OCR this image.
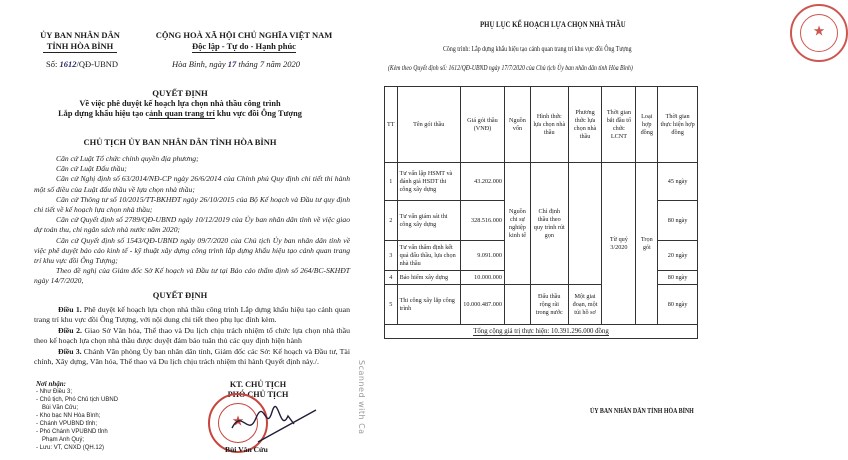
ỦY BAN NHÂN DÂN
TỈNH HÒA BÌNH
CỘNG HOÀ XÃ HỘI CHỦ NGHĨA VIỆT NAM
Độc lập - Tự do - Hạnh phúc
Số: 1612/QĐ-UBND	Hòa Bình, ngày 17 tháng 7 năm 2020
QUYẾT ĐỊNH
Về việc phê duyệt kế hoạch lựa chọn nhà thầu công trình
Lắp dựng khẩu hiệu tạo cảnh quan trang trí khu vực đồi Ông Tượng
CHỦ TỊCH ỦY BAN NHÂN DÂN TỈNH HÒA BÌNH

Căn cứ Luật Tổ chức chính quyền địa phương;

Căn cứ Luật Đấu thầu;

Căn cứ Nghị định số 63/2014/NĐ-CP ngày 26/6/2014 của Chính phủ Quy định chi tiết thi hành một số điều của Luật đấu thầu về lựa chọn nhà thầu;

Căn cứ Thông tư số 10/2015/TT-BKHĐT ngày 26/10/2015 của Bộ Kế hoạch và Đầu tư quy định chi tiết về kế hoạch lựa chọn nhà thầu;

Căn cứ Quyết định số 2789/QĐ-UBND ngày 10/12/2019 của Ủy ban nhân dân tỉnh về việc giao dự toán thu, chi ngân sách nhà nước năm 2020;

Căn cứ Quyết định số 1543/QĐ-UBND ngày 09/7/2020 của Chủ tịch Ủy ban nhân dân tỉnh về việc phê duyệt báo cáo kinh tế - kỹ thuật xây dựng công trình lắp dựng khẩu hiệu tạo cảnh quan trang trí khu vực đồi Ông Tượng;

Theo đề nghị của Giám đốc Sở Kế hoạch và Đầu tư tại Báo cáo thẩm định số 264/BC-SKHĐT ngày 14/7/2020,

QUYẾT ĐỊNH

Điều 1. Phê duyệt kế hoạch lựa chọn nhà thầu công trình Lắp dựng khẩu hiệu tạo cảnh quan trang trí khu vực đồi Ông Tượng, với nội dung chi tiết theo phụ lục đính kèm.

Điều 2. Giao Sở Văn hóa, Thể thao và Du lịch chịu trách nhiệm tổ chức lựa chọn nhà thầu theo kế hoạch lựa chọn nhà thầu được duyệt đảm bảo tuân thủ các quy định hiện hành

Điều 3. Chánh Văn phòng Ủy ban nhân dân tỉnh, Giám đốc các Sở: Kế hoạch và Đầu tư, Tài chính, Xây dựng, Văn hóa, Thể thao và Du lịch chịu trách nhiệm thi hành Quyết định này./.

Nơi nhận:
- Như Điều 3;
- Chủ tịch, Phó Chủ tịch UBND
Bùi Văn Cửu;
- Kho bạc NN Hòa Bình;
- Chánh VPUBND tỉnh;
- Phó Chánh VPUBND tỉnh
Phạm Anh Quý;
- Lưu: VT, CNXD (QH.12)
KT. CHỦ TỊCH
PHÓ CHỦ TỊCH
★
Bùi Văn Cửu
Scanned with Ca
★
PHỤ LỤC KẾ HOẠCH LỰA CHỌN NHÀ THẦU
Công trình: Lắp dựng khẩu hiệu tạo cảnh quan trang trí khu vực đồi Ông Tượng
(Kèm theo Quyết định số: 1612/QĐ-UBND ngày 17/7/2020 của Chủ tịch Ủy ban nhân dân tỉnh Hòa Bình)
TT	Tên gói thầu	Giá gói thầu (VNĐ)	Nguồn vốn	Hình thức lựa chọn nhà thầu	Phương thức lựa chọn nhà thầu	Thời gian bắt đầu tổ chức LCNT	Loại hợp đồng	Thời gian thực hiện hợp đồng
1	Tư vấn lập HSMT và đánh giá HSDT thi công xây dựng	43.202.000	Nguồn chi sự nghiệp kinh tế	Chỉ định thầu theo quy trình rút gọn		Từ quý 3/2020	Trọn gói	45 ngày
2	Tư vấn giám sát thi công xây dựng	328.516.000						80 ngày
3	Tư vấn thẩm định kết quả đấu thầu, lựa chọn nhà thầu	9.091.000						20 ngày
4	Bảo hiểm xây dựng	10.000.000						80 ngày
5	Thi công xây lắp công trình	10.000.487.000		Đấu thầu rộng rãi trong nước	Một giai đoạn, một túi hồ sơ			80 ngày
Tổng cộng giá trị thực hiện: 10.391.296.000 đồng								
ỦY BAN NHÂN DÂN TỈNH HÒA BÌNH
